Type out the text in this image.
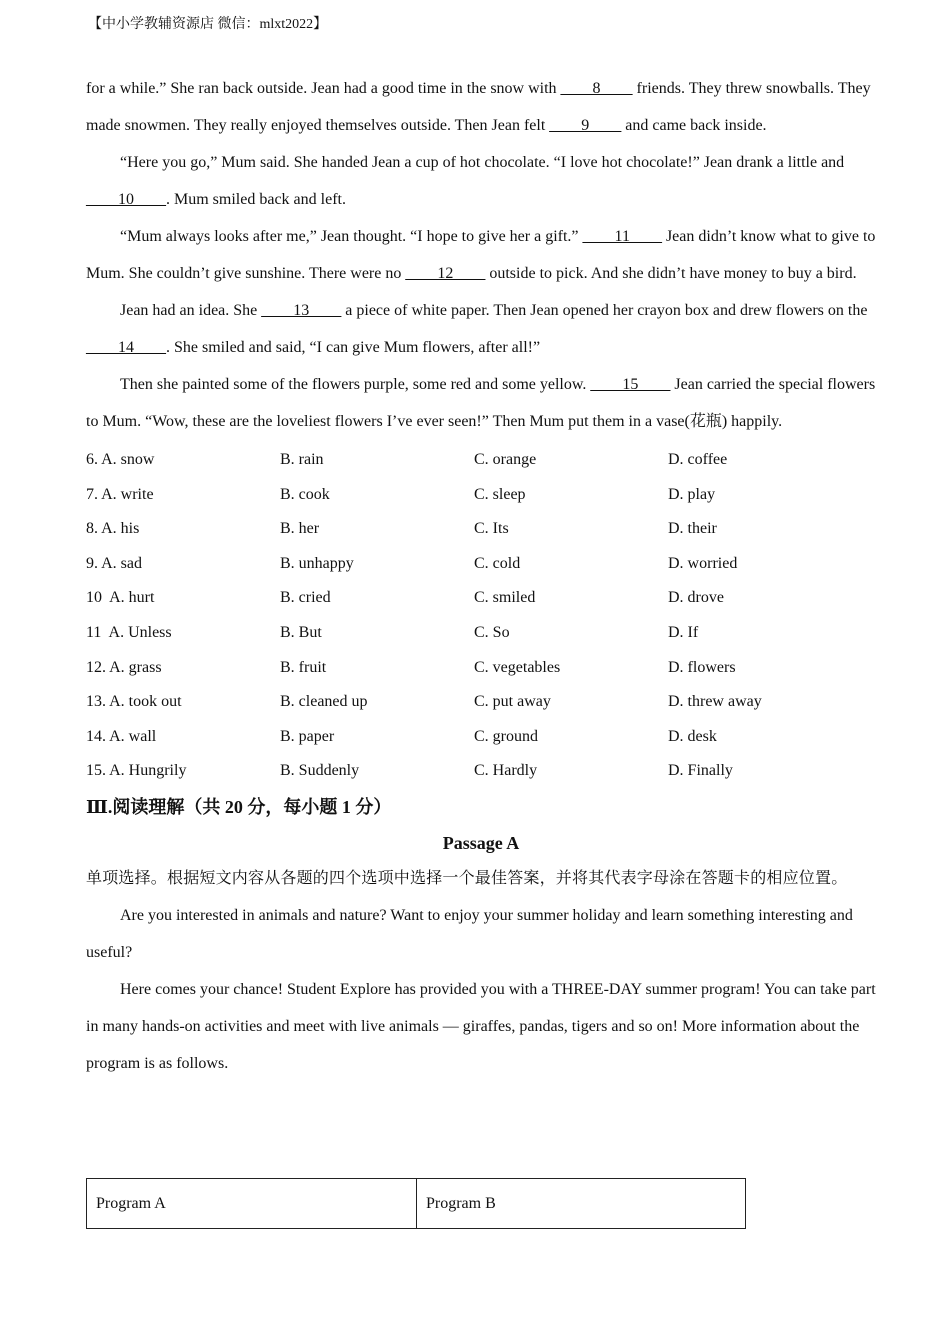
【中小学教辅资源店 微信：mlxt2022】

for a while.” She ran back outside. Jean had a good time in the snow with ____8____ friends. They threw snowballs. They made snowmen. They really enjoyed themselves outside. Then Jean felt ____9____ and came back inside.

“Here you go,” Mum said. She handed Jean a cup of hot chocolate. “I love hot chocolate!” Jean drank a little and ____10____. Mum smiled back and left.

“Mum always looks after me,” Jean thought. “I hope to give her a gift.” ____11____ Jean didn’t know what to give to Mum. She couldn’t give sunshine. There were no ____12____ outside to pick. And she didn’t have money to buy a bird.

Jean had an idea. She ____13____ a piece of white paper. Then Jean opened her crayon box and drew flowers on the ____14____. She smiled and said, “I can give Mum flowers, after all!”

Then she painted some of the flowers purple, some red and some yellow. ____15____ Jean carried the special flowers to Mum. “Wow, these are the loveliest flowers I’ve ever seen!” Then Mum put them in a vase(花瓶) happily.

6. A. snow	B. rain	C. orange	D. coffee
7. A. write	B. cook	C. sleep	D. play
8. A. his	B. her	C. Its	D. their
9. A. sad	B. unhappy	C. cold	D. worried
10  A. hurt	B. cried	C. smiled	D. drove
11  A. Unless	B. But	C. So	D. If
12. A. grass	B. fruit	C. vegetables	D. flowers
13. A. took out	B. cleaned up	C. put away	D. threw away
14. A. wall	B. paper	C. ground	D. desk
15. A. Hungrily	B. Suddenly	C. Hardly	D. Finally
Ⅲ.阅读理解（共 20 分，每小题 1 分）
Passage A
单项选择。根据短文内容从各题的四个选项中选择一个最佳答案，并将其代表字母涂在答题卡的相应位置。

Are you interested in animals and nature? Want to enjoy your summer holiday and learn something interesting and useful?

Here comes your chance! Student Explore has provided you with a THREE-DAY summer program! You can take part in many hands-on activities and meet with live animals — giraffes, pandas, tigers and so on! More information about the program is as follows.

Program A	Program B
